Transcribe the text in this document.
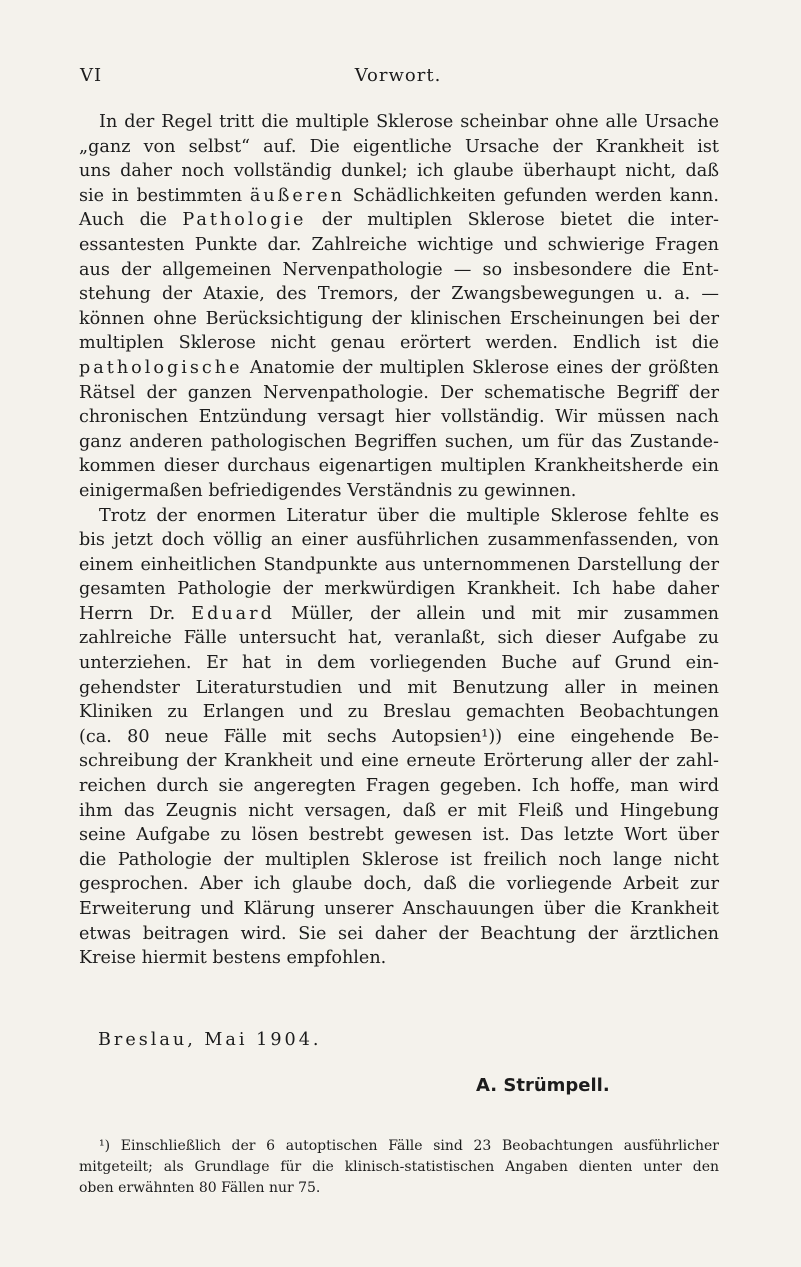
VI	Vorwort.
In der Regel tritt die multiple Sklerose scheinbar ohne alle Ursache
„ganz von selbst“ auf. Die eigentliche Ursache der Krankheit ist
uns daher noch vollständig dunkel; ich glaube überhaupt nicht, daß
sie in bestimmten äußeren Schädlichkeiten gefunden werden kann.
Auch die Pathologie der multiplen Sklerose bietet die inter-
essantesten Punkte dar. Zahlreiche wichtige und schwierige Fragen
aus der allgemeinen Nervenpathologie — so insbesondere die Ent-
stehung der Ataxie, des Tremors, der Zwangsbewegungen u. a. —
können ohne Berücksichtigung der klinischen Erscheinungen bei der
multiplen Sklerose nicht genau erörtert werden. Endlich ist die
pathologische Anatomie der multiplen Sklerose eines der größten
Rätsel der ganzen Nervenpathologie. Der schematische Begriff der
chronischen Entzündung versagt hier vollständig. Wir müssen nach
ganz anderen pathologischen Begriffen suchen, um für das Zustande-
kommen dieser durchaus eigenartigen multiplen Krankheitsherde ein
einigermaßen befriedigendes Verständnis zu gewinnen.
Trotz der enormen Literatur über die multiple Sklerose fehlte es
bis jetzt doch völlig an einer ausführlichen zusammenfassenden, von
einem einheitlichen Standpunkte aus unternommenen Darstellung der
gesamten Pathologie der merkwürdigen Krankheit. Ich habe daher
Herrn Dr. Eduard Müller, der allein und mit mir zusammen
zahlreiche Fälle untersucht hat, veranlaßt, sich dieser Aufgabe zu
unterziehen. Er hat in dem vorliegenden Buche auf Grund ein-
gehendster Literaturstudien und mit Benutzung aller in meinen
Kliniken zu Erlangen und zu Breslau gemachten Beobachtungen
(ca. 80 neue Fälle mit sechs Autopsien¹)) eine eingehende Be-
schreibung der Krankheit und eine erneute Erörterung aller der zahl-
reichen durch sie angeregten Fragen gegeben. Ich hoffe, man wird
ihm das Zeugnis nicht versagen, daß er mit Fleiß und Hingebung
seine Aufgabe zu lösen bestrebt gewesen ist. Das letzte Wort über
die Pathologie der multiplen Sklerose ist freilich noch lange nicht
gesprochen. Aber ich glaube doch, daß die vorliegende Arbeit zur
Erweiterung und Klärung unserer Anschauungen über die Krankheit
etwas beitragen wird. Sie sei daher der Beachtung der ärztlichen
Kreise hiermit bestens empfohlen.
Breslau, Mai 1904.
A. Strümpell.
¹) Einschließlich der 6 autoptischen Fälle sind 23 Beobachtungen ausführlicher
mitgeteilt; als Grundlage für die klinisch-statistischen Angaben dienten unter den
oben erwähnten 80 Fällen nur 75.
